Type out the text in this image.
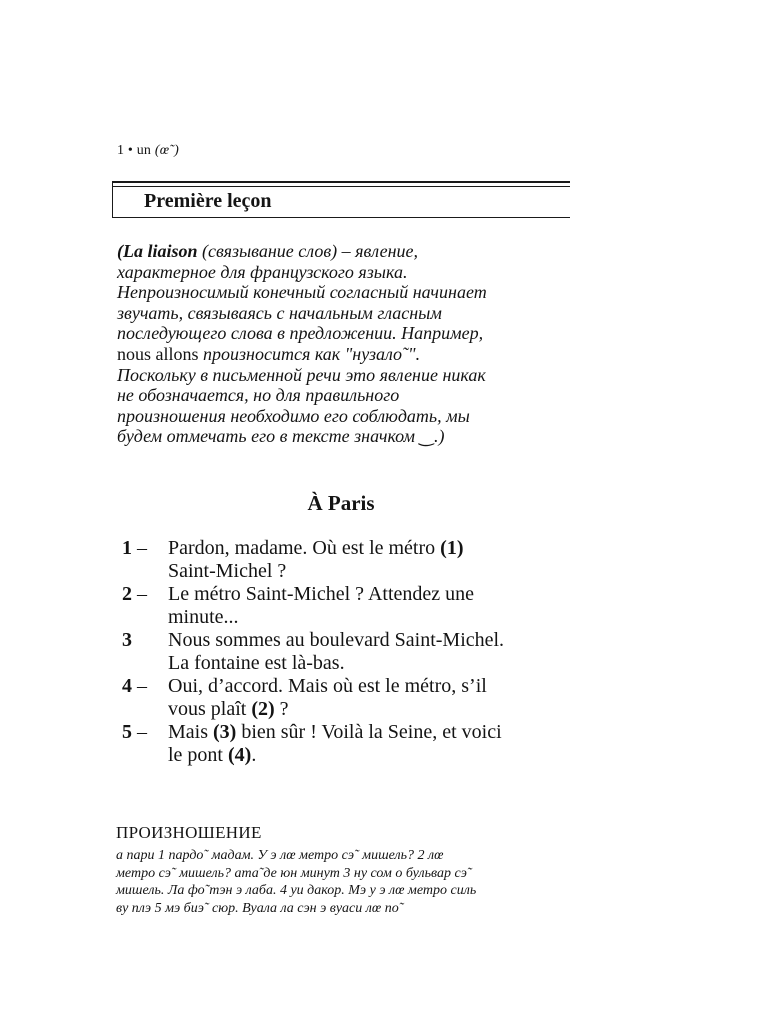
1 • un (œ˜)
Première leçon

(La liaison (связывание слов) – явление,

характерное для французского языка.

Непроизносимый конечный согласный начинает

звучать, связываясь с начальным гласным

последующего слова в предложении. Например,

nous allons произносится как "нузало˜".

Поскольку в письменной речи это явление никак

не обозначается, но для правильного

произношения необходимо его соблюдать, мы

будем отмечать его в тексте значком ‿.)

À Paris
1 –	Pardon, madame. Où est le métro (1)
Saint-Michel ?
2 –	Le métro Saint-Michel ? Attendez une
minute...
3	Nous sommes au boulevard Saint-Michel.
La fontaine est là-bas.
4 –	Oui, d’accord. Mais où est le métro, s’il
vous plaît (2) ?
5 –	Mais (3) bien sûr ! Voilà la Seine, et voici
le pont (4).
ПРОИЗНОШЕНИЕ

а пари 1 пардо˜ мадам. У э лœ метро сэ˜ мишель? 2 лœ

метро сэ˜ мишель? ата˜де юн минут 3 ну сом о бульвар сэ˜

мишель. Ла фо˜тэн э лаба. 4 уи дакор. Мэ у э лœ метро силь

ву плэ 5 мэ биэ˜ сюр. Вуала ла сэн э вуаси лœ по˜
